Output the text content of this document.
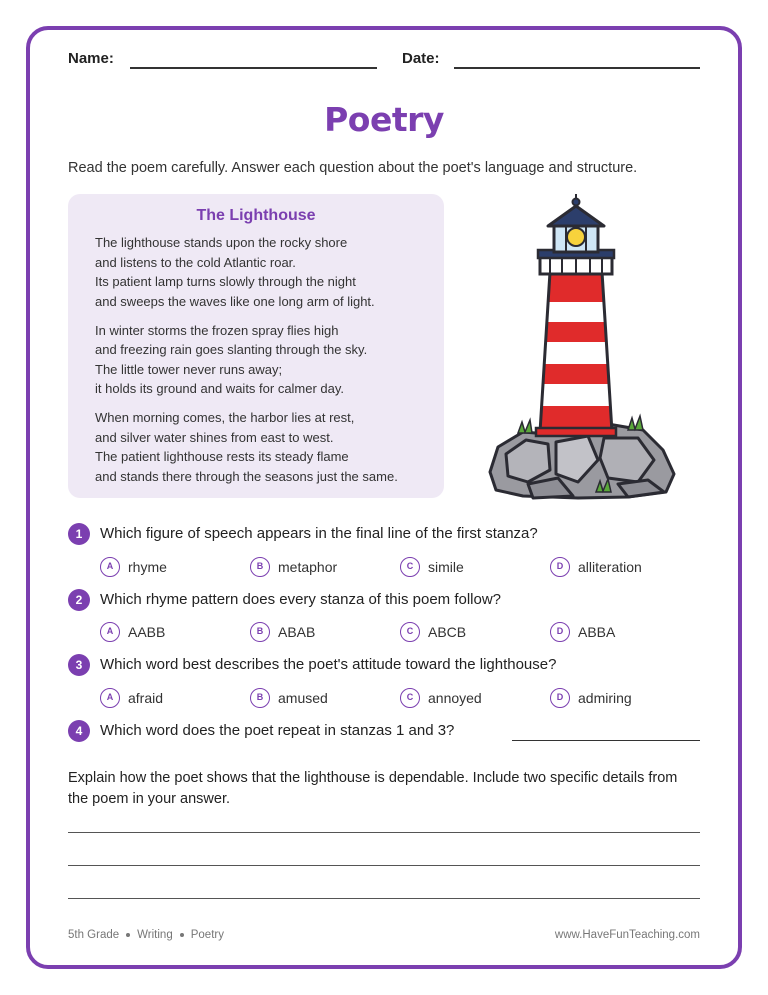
Name:	Date:
Poetry
Read the poem carefully. Answer each question about the poet's language and structure.
The Lighthouse
The lighthouse stands upon the rocky shore
and listens to the cold Atlantic roar.
Its patient lamp turns slowly through the night
and sweeps the waves like one long arm of light.
In winter storms the frozen spray flies high
and freezing rain goes slanting through the sky.
The little tower never runs away;
it holds its ground and waits for calmer day.
When morning comes, the harbor lies at rest,
and silver water shines from east to west.
The patient lighthouse rests its steady flame
and stands there through the seasons just the same.
1	Which figure of speech appears in the final line of the first stanza?
A	rhyme	B	metaphor	C	simile	D	alliteration
2	Which rhyme pattern does every stanza of this poem follow?
A	AABB	B	ABAB	C	ABCB	D	ABBA
3	Which word best describes the poet's attitude toward the lighthouse?
A	afraid	B	amused	C	annoyed	D	admiring
4	Which word does the poet repeat in stanzas 1 and 3?
Explain how the poet shows that the lighthouse is dependable. Include two specific details from the poem in your answer.
5th Grade Writing Poetry	www.HaveFunTeaching.com
